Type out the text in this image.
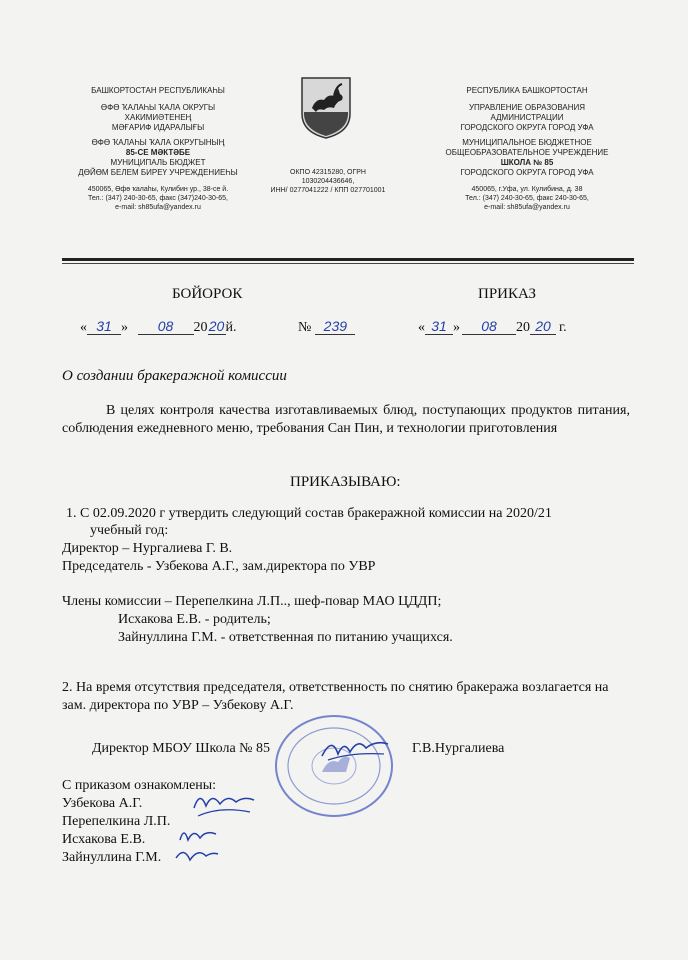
БАШКОРТОСТАН РЕСПУБЛИКАҺЫ
ӨФӨ ҠАЛАҺЫ ҠАЛА ОКРУГЫ
ХАКИМИӘТЕНЕҢ
МӘҒАРИФ ИДАРАЛЫҒЫ
ӨФӨ ҠАЛАҺЫ ҠАЛА ОКРУГЫНЫҢ
85-СЕ МӘКТӘБЕ
МУНИЦИПАЛЬ БЮДЖЕТ
ДӨЙӨМ БЕЛЕМ БИРЕҮ УЧРЕЖДЕНИЕҺЫ
450065, Өфө ҡалаһы, Кулибин ур., 38-се й.
Тел.: (347) 240-30-65, факс (347)240-30-65,
e-mail: sh85ufa@yandex.ru
ОКПО 42315280, ОГРН
1030204436646,
ИНН/ 0277041222 / КПП 027701001
РЕСПУБЛИКА БАШКОРТОСТАН
УПРАВЛЕНИЕ ОБРАЗОВАНИЯ
АДМИНИСТРАЦИИ
ГОРОДСКОГО ОКРУГА ГОРОД УФА
МУНИЦИПАЛЬНОЕ БЮДЖЕТНОЕ
ОБЩЕОБРАЗОВАТЕЛЬНОЕ УЧРЕЖДЕНИЕ
ШКОЛА № 85
ГОРОДСКОГО ОКРУГА ГОРОД УФА
450065, г.Уфа, ул. Кулибина, д. 38
Тел.: (347) 240-30-65, факс 240-30-65,
e-mail: sh85ufa@yandex.ru
БОЙОРОК	ПРИКАЗ
« 31 » 08 2020й.	№ 239	« 31 » 08 20 20 г.
О создании бракеражной комиссии
В целях контроля качества изготавливаемых блюд, поступающих продуктов питания, соблюдения ежедневного меню, требования Сан Пин, и технологии приготовления
ПРИКАЗЫВАЮ:
1. С 02.09.2020 г утвердить следующий состав бракеражной комиссии на 2020/21
учебный год:
Директор – Нургалиева Г. В.
Председатель - Узбекова А.Г., зам.директора по УВР
Члены комиссии – Перепелкина Л.П.., шеф-повар МАО ЦДДП;
Исхакова Е.В. - родитель;
Зайнуллина Г.М. - ответственная по питанию учащихся.
2. На время отсутствия председателя, ответственность по снятию бракеража возлагается на
зам. директора по УВР – Узбекову А.Г.
Директор МБОУ Школа № 85	Г.В.Нургалиева
С приказом ознакомлены:
Узбекова А.Г.
Перепелкина Л.П.
Исхакова Е.В.
Зайнуллина Г.М.
